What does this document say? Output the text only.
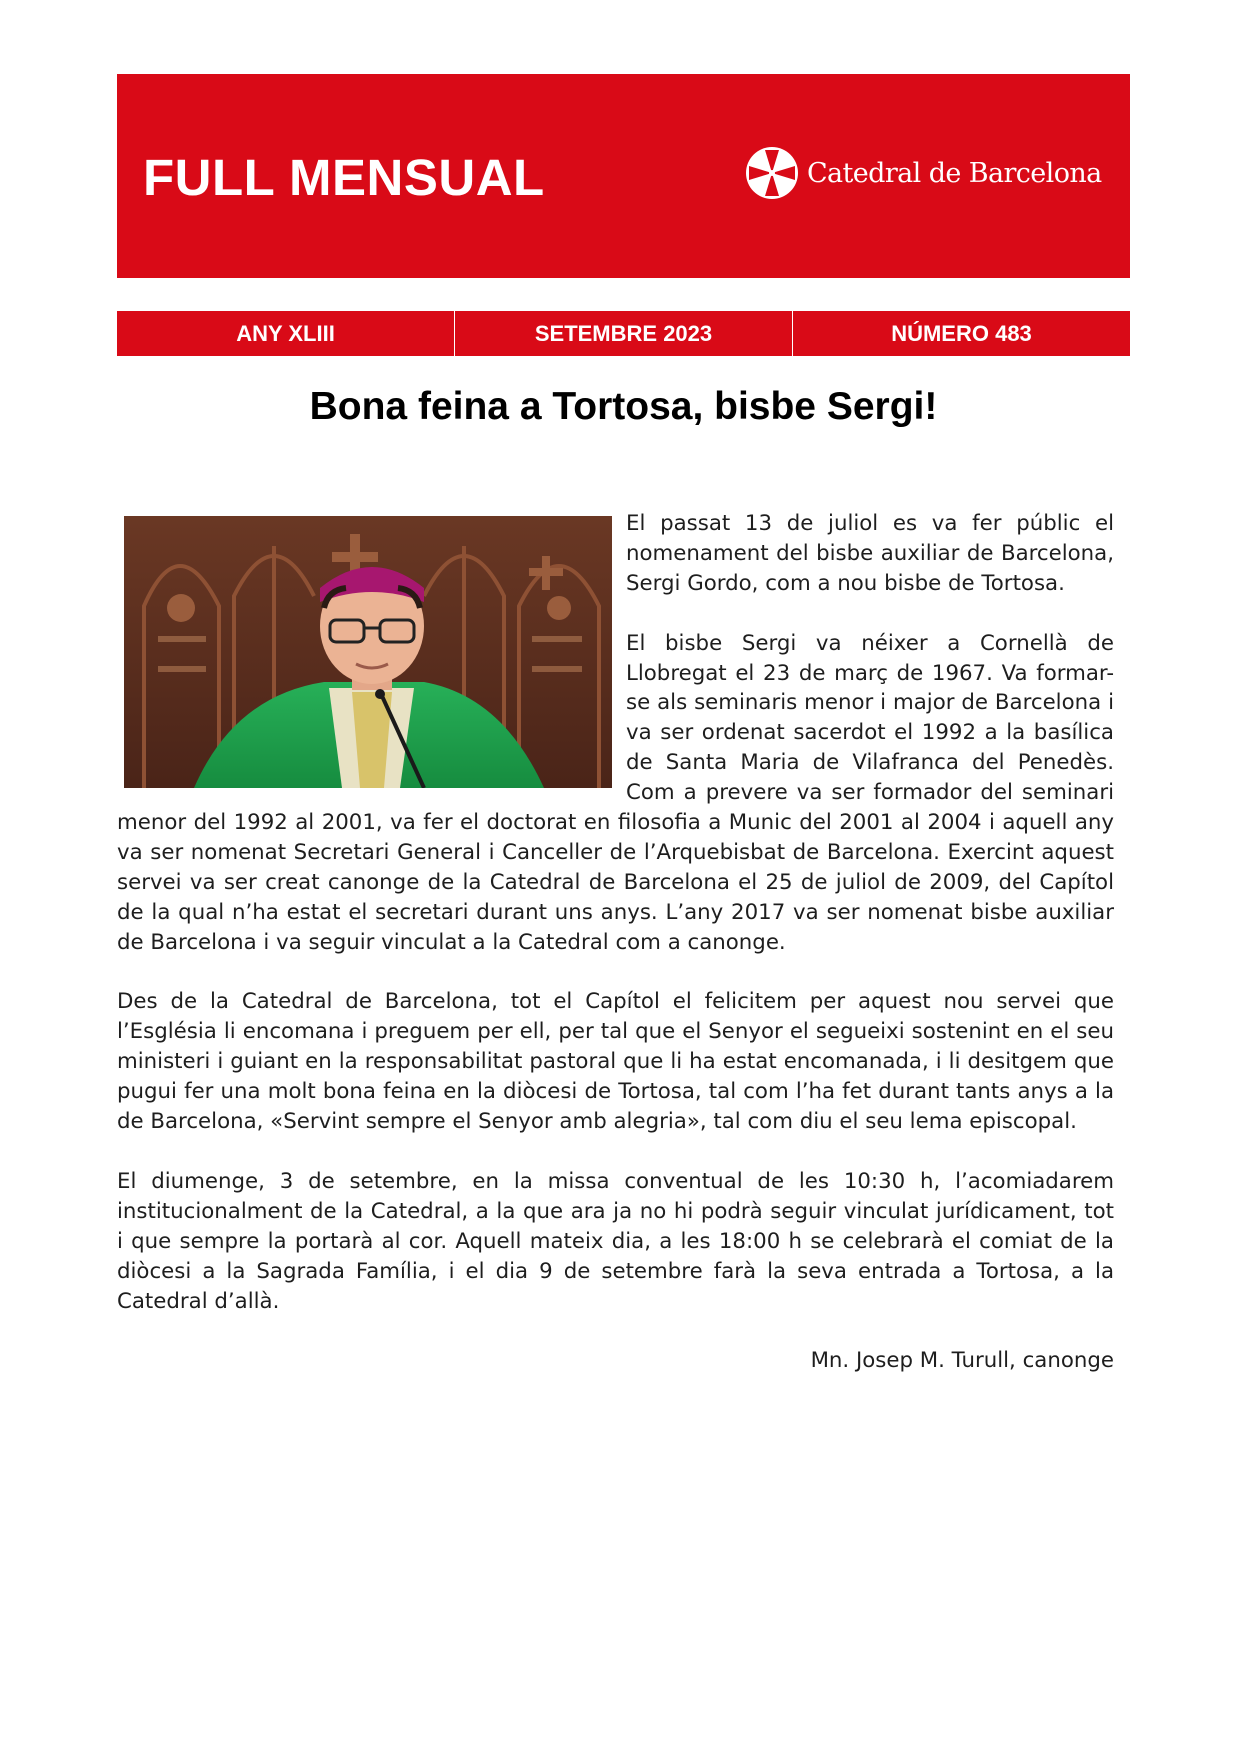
FULL MENSUAL	Catedral de Barcelona
ANY XLIII	SETEMBRE 2023	NÚMERO 483
Bona feina a Tortosa, bisbe Sergi!

El passat 13 de juliol es va fer públic el nomenament del bisbe auxiliar de Barcelona, Sergi Gordo, com a nou bisbe de Tortosa.

El bisbe Sergi va néixer a Cornellà de Llobregat el 23 de març de 1967. Va formar-se als seminaris menor i major de Barcelona i va ser ordenat sacerdot el 1992 a la basílica de Santa Maria de Vilafranca del Penedès. Com a prevere va ser formador del seminari menor del 1992 al 2001, va fer el doctorat en filosofia a Munic del 2001 al 2004 i aquell any va ser nomenat Secretari General i Canceller de l’Arquebisbat de Barcelona. Exercint aquest servei va ser creat canonge de la Catedral de Barcelona el 25 de juliol de 2009, del Capítol de la qual n’ha estat el secretari durant uns anys. L’any 2017 va ser nomenat bisbe auxiliar de Barcelona i va seguir vinculat a la Catedral com a canonge.

Des de la Catedral de Barcelona, tot el Capítol el felicitem per aquest nou servei que l’Església li encomana i preguem per ell, per tal que el Senyor el segueixi sostenint en el seu ministeri i guiant en la responsabilitat pastoral que li ha estat encomanada, i li desitgem que pugui fer una molt bona feina en la diòcesi de Tortosa, tal com l’ha fet durant tants anys a la de Barcelona, «Servint sempre el Senyor amb alegria», tal com diu el seu lema episcopal.

El diumenge, 3 de setembre, en la missa conventual de les 10:30 h, l’acomiadarem institucionalment de la Catedral, a la que ara ja no hi podrà seguir vinculat jurídicament, tot i que sempre la portarà al cor. Aquell mateix dia, a les 18:00 h se celebrarà el comiat de la diòcesi a la Sagrada Família, i el dia 9 de setembre farà la seva entrada a Tortosa, a la Catedral d’allà.

Mn. Josep M. Turull, canonge
